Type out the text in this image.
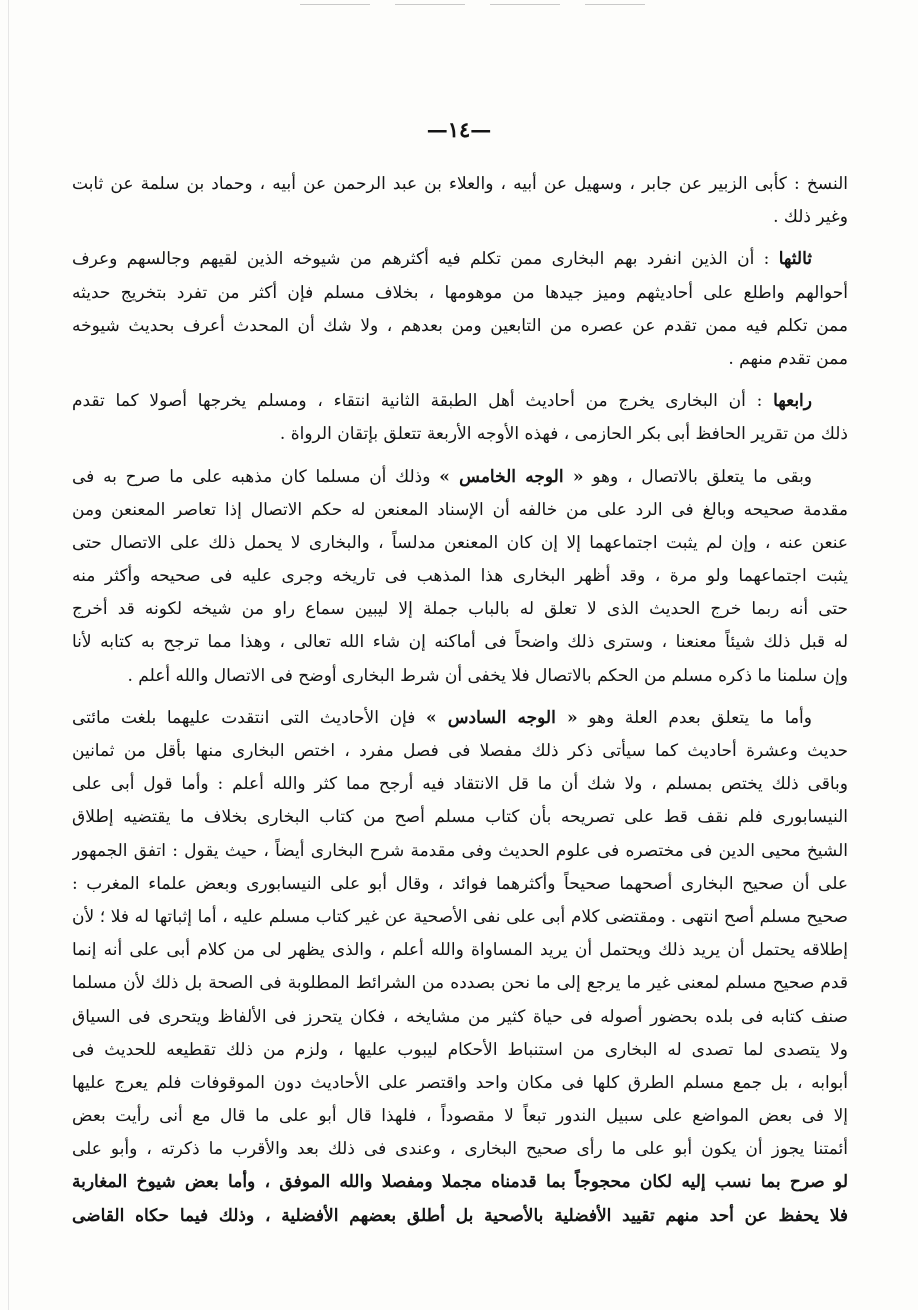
—١٤—
النسخ : كأبى الزبير عن جابر ، وسهيل عن أبيه ، والعلاء بن عبد الرحمن عن أبيه ، وحماد بن سلمة عن ثابت
وغير ذلك .
ثالثها : أن الذين انفرد بهم البخارى ممن تكلم فيه أكثرهم من شيوخه الذين لقيهم وجالسهم وعرف
أحوالهم واطلع على أحاديثهم وميز جيدها من موهومها ، بخلاف مسلم فإن أكثر من تفرد بتخريج حديثه
ممن تكلم فيه ممن تقدم عن عصره من التابعين ومن بعدهم ، ولا شك أن المحدث أعرف بحديث شيوخه
ممن تقدم منهم .
رابعها : أن البخارى يخرج من أحاديث أهل الطبقة الثانية انتقاء ، ومسلم يخرجها أصولا كما تقدم
ذلك من تقرير الحافظ أبى بكر الحازمى ، فهذه الأوجه الأربعة تتعلق بإتقان الرواة .
وبقى ما يتعلق بالاتصال ، وهو « الوجه الخامس » وذلك أن مسلما كان مذهبه على ما صرح به فى
مقدمة صحيحه وبالغ فى الرد على من خالفه أن الإسناد المعنعن له حكم الاتصال إذا تعاصر المعنعن ومن
عنعن عنه ، وإن لم يثبت اجتماعهما إلا إن كان المعنعن مدلساً ، والبخارى لا يحمل ذلك على الاتصال حتى
يثبت اجتماعهما ولو مرة ، وقد أظهر البخارى هذا المذهب فى تاريخه وجرى عليه فى صحيحه وأكثر منه
حتى أنه ربما خرج الحديث الذى لا تعلق له بالباب جملة إلا ليبين سماع راو من شيخه لكونه قد أخرج
له قبل ذلك شيئاً معنعنا ، وسترى ذلك واضحاً فى أماكنه إن شاء الله تعالى ، وهذا مما ترجح به كتابه لأنا
وإن سلمنا ما ذكره مسلم من الحكم بالاتصال فلا يخفى أن شرط البخارى أوضح فى الاتصال والله أعلم .
وأما ما يتعلق بعدم العلة وهو « الوجه السادس » فإن الأحاديث التى انتقدت عليهما بلغت مائتى
حديث وعشرة أحاديث كما سيأتى ذكر ذلك مفصلا فى فصل مفرد ، اختص البخارى منها بأقل من ثمانين
وباقى ذلك يختص بمسلم ، ولا شك أن ما قل الانتقاد فيه أرجح مما كثر والله أعلم : وأما قول أبى على
النيسابورى فلم نقف قط على تصريحه بأن كتاب مسلم أصح من كتاب البخارى بخلاف ما يقتضيه إطلاق
الشيخ محيى الدين فى مختصره فى علوم الحديث وفى مقدمة شرح البخارى أيضاً ، حيث يقول : اتفق الجمهور
على أن صحيح البخارى أصحهما صحيحاً وأكثرهما فوائد ، وقال أبو على النيسابورى وبعض علماء المغرب :
صحيح مسلم أصح انتهى . ومقتضى كلام أبى على نفى الأصحية عن غير كتاب مسلم عليه ، أما إثباتها له فلا ؛ لأن
إطلاقه يحتمل أن يريد ذلك ويحتمل أن يريد المساواة والله أعلم ، والذى يظهر لى من كلام أبى على أنه إنما
قدم صحيح مسلم لمعنى غير ما يرجع إلى ما نحن بصدده من الشرائط المطلوبة فى الصحة بل ذلك لأن مسلما
صنف كتابه فى بلده بحضور أصوله فى حياة كثير من مشايخه ، فكان يتحرز فى الألفاظ ويتحرى فى السياق
ولا يتصدى لما تصدى له البخارى من استنباط الأحكام ليبوب عليها ، ولزم من ذلك تقطيعه للحديث فى
أبوابه ، بل جمع مسلم الطرق كلها فى مكان واحد واقتصر على الأحاديث دون الموقوفات فلم يعرج عليها
إلا فى بعض المواضع على سبيل الندور تبعاً لا مقصوداً ، فلهذا قال أبو على ما قال مع أنى رأيت بعض
أئمتنا يجوز أن يكون أبو على ما رأى صحيح البخارى ، وعندى فى ذلك بعد والأقرب ما ذكرته ، وأبو على
لو صرح بما نسب إليه لكان محجوجاً بما قدمناه مجملا ومفصلا والله الموفق ، وأما بعض شيوخ المغاربة
فلا يحفظ عن أحد منهم تقييد الأفضلية بالأصحية بل أطلق بعضهم الأفضلية ، وذلك فيما حكاه القاضى
